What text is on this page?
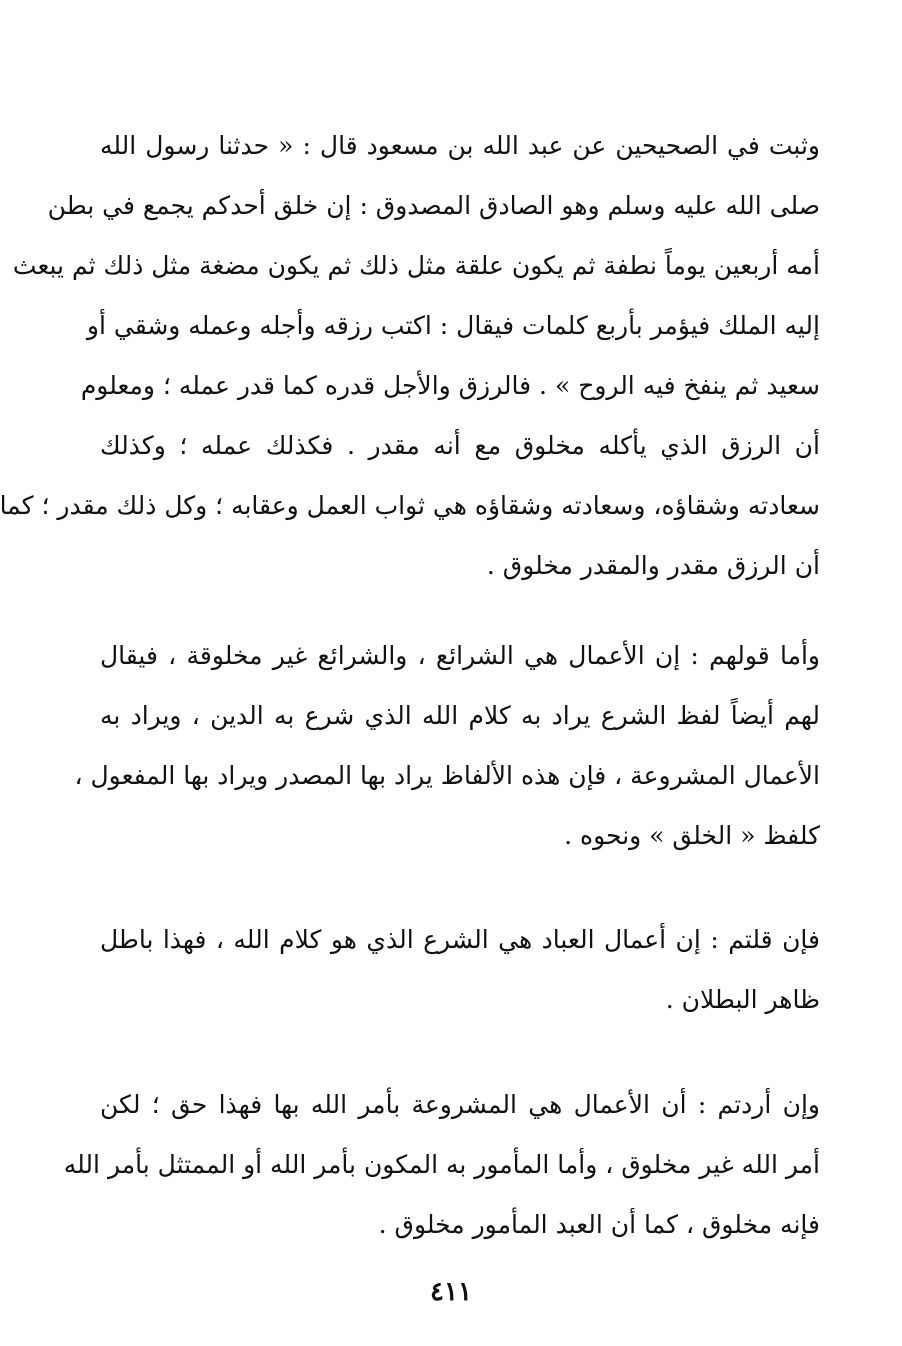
وثبت في الصحيحين عن عبد الله بن مسعود قال : « حدثنا رسول الله
صلى الله عليه وسلم وهو الصادق المصدوق : إن خلق أحدكم يجمع في بطن
أمه أربعين يوماً نطفة ثم يكون علقة مثل ذلك ثم يكون مضغة مثل ذلك ثم يبعث
إليه الملك فيؤمر بأربع كلمات فيقال : اكتب رزقه وأجله وعمله وشقي أو
سعيد ثم ينفخ فيه الروح » . فالرزق والأجل قدره كما قدر عمله ؛ ومعلوم
أن الرزق الذي يأكله مخلوق مع أنه مقدر . فكذلك عمله ؛ وكذلك
سعادته وشقاؤه، وسعادته وشقاؤه هي ثواب العمل وعقابه ؛ وكل ذلك مقدر ؛ كما
أن الرزق مقدر والمقدر مخلوق .
وأما قولهم : إن الأعمال هي الشرائع ، والشرائع غير مخلوقة ، فيقال
لهم أيضاً لفظ الشرع يراد به كلام الله الذي شرع به الدين ، ويراد به
الأعمال المشروعة ، فإن هذه الألفاظ يراد بها المصدر ويراد بها المفعول ،
كلفظ « الخلق » ونحوه .
فإن قلتم : إن أعمال العباد هي الشرع الذي هو كلام الله ، فهذا باطل
ظاهر البطلان .
وإن أردتم : أن الأعمال هي المشروعة بأمر الله بها فهذا حق ؛ لكن
أمر الله غير مخلوق ، وأما المأمور به المكون بأمر الله أو الممتثل بأمر الله
فإنه مخلوق ، كما أن العبد المأمور مخلوق .
٤١١
